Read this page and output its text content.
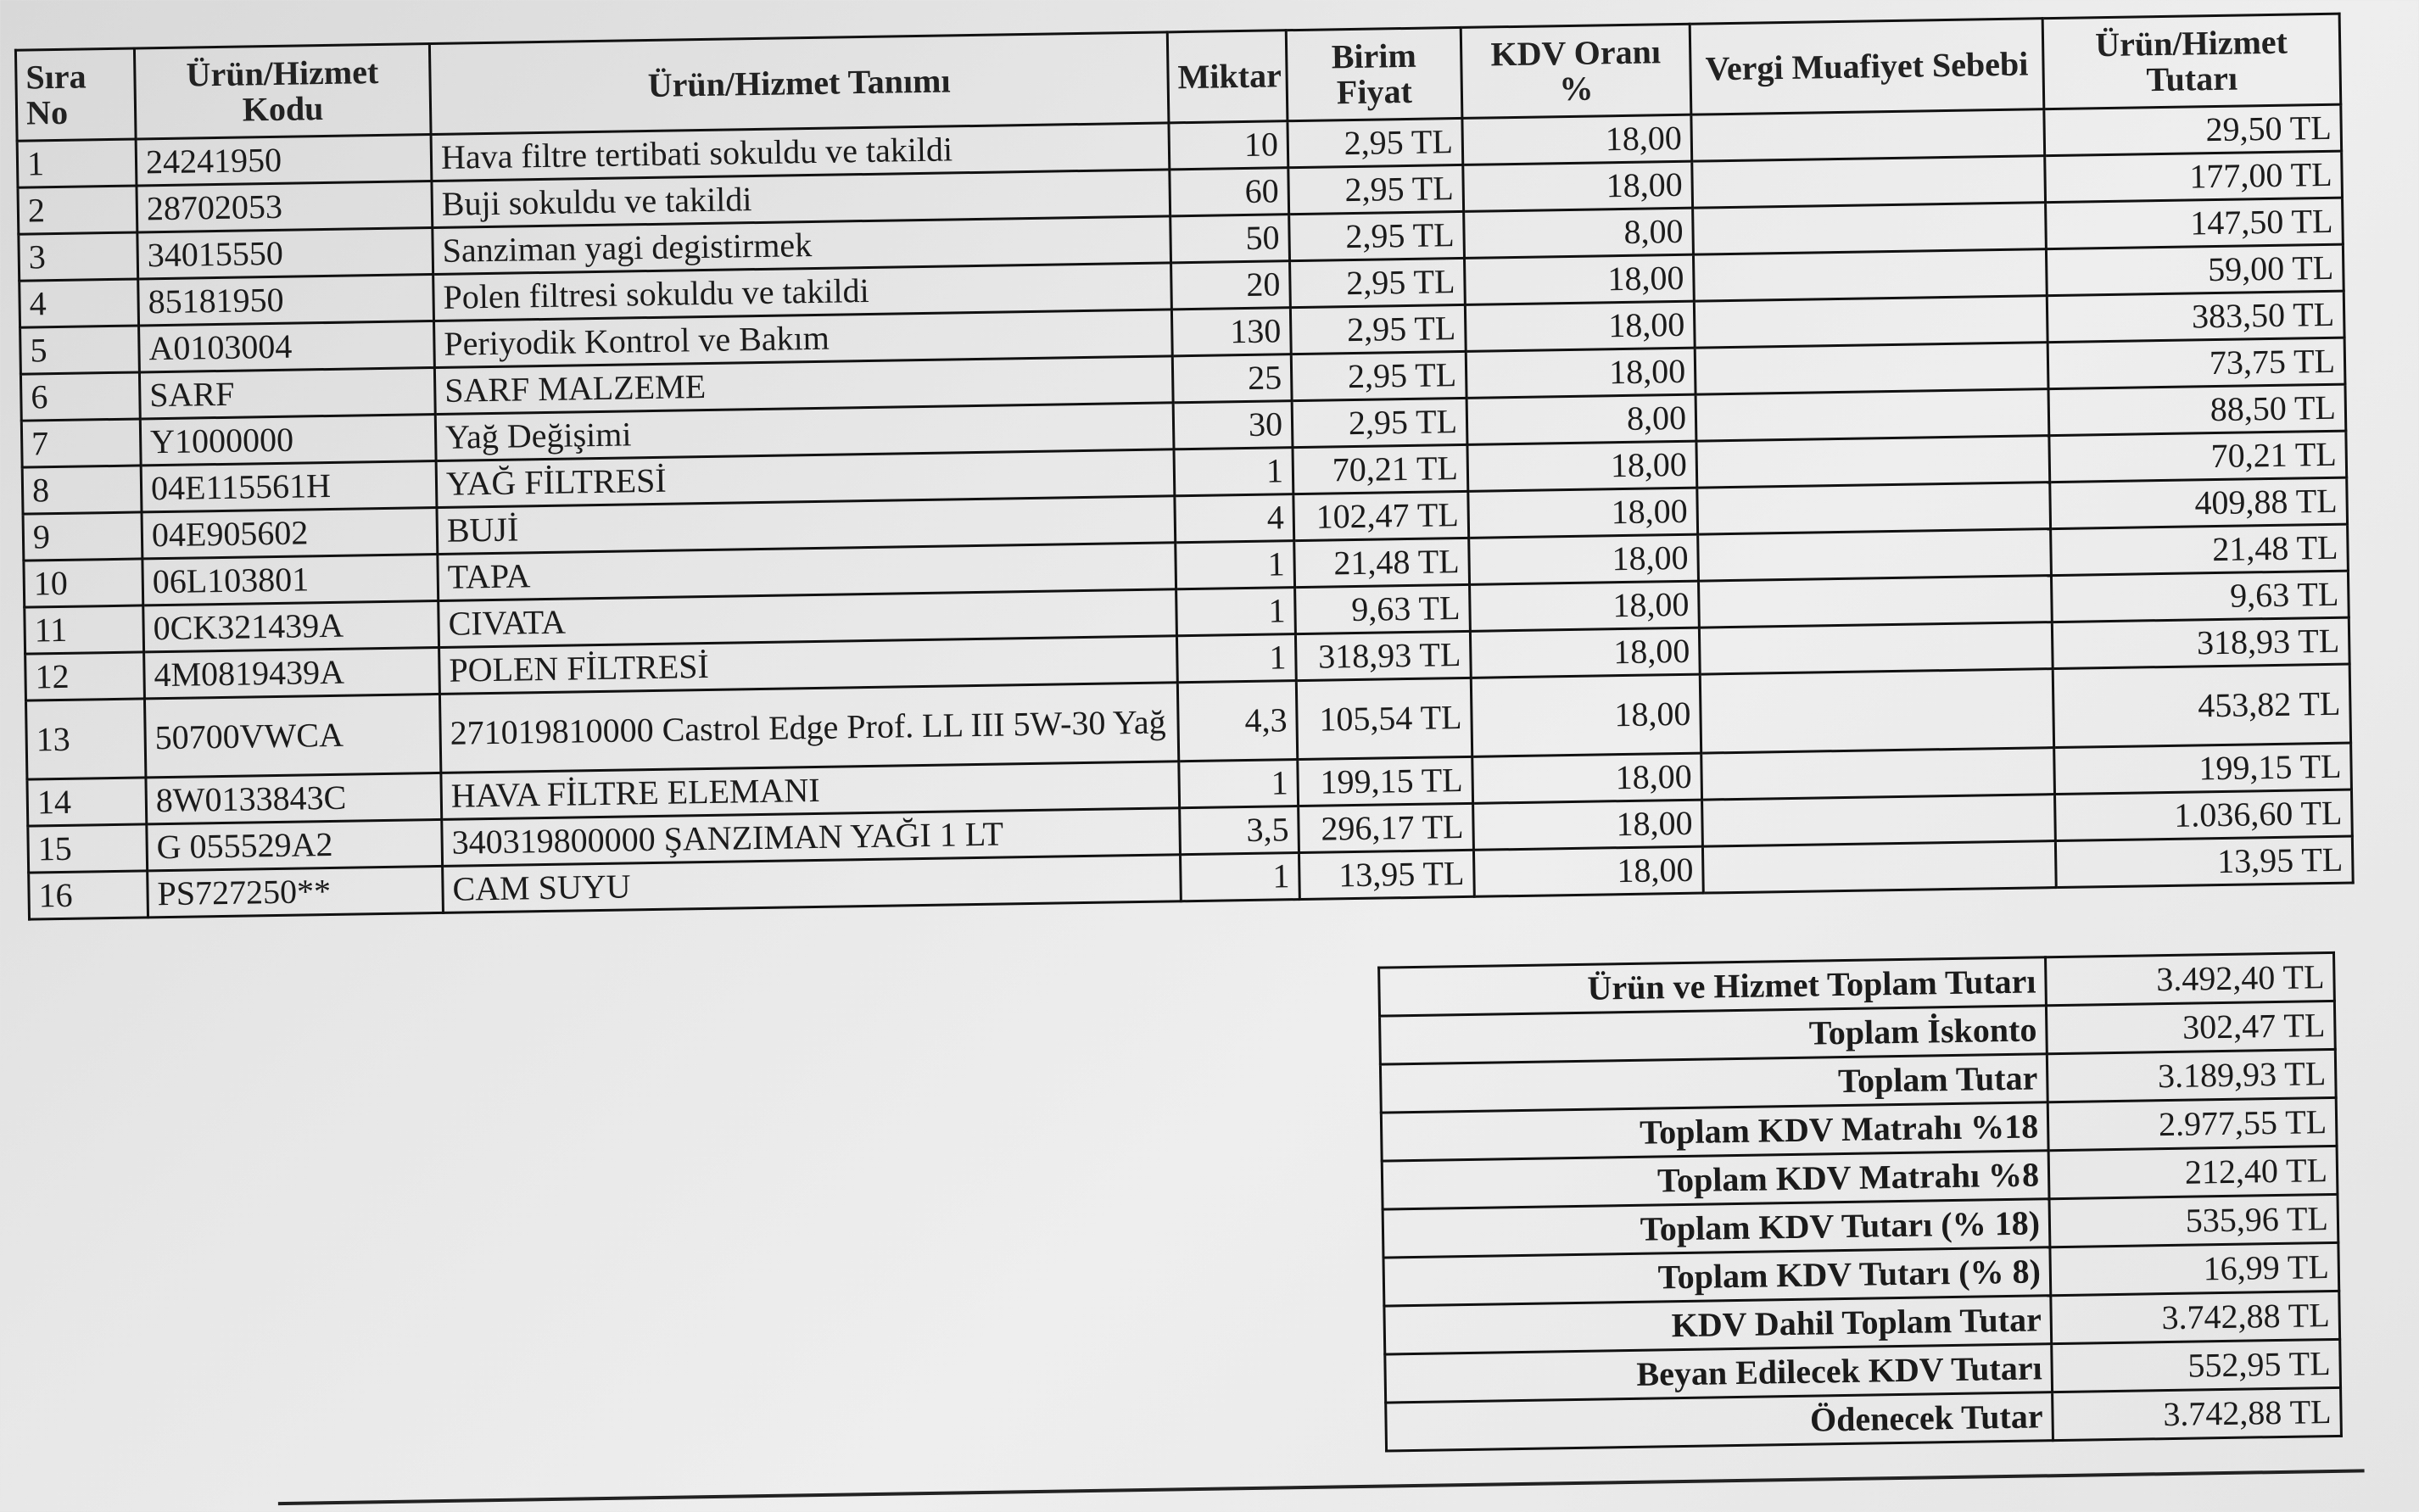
Sıra No	Ürün/Hizmet Kodu	Ürün/Hizmet Tanımı	Miktar	Birim Fiyat	KDV Oranı %	Vergi Muafiyet Sebebi	Ürün/Hizmet Tutarı
1	24241950	Hava filtre tertibati sokuldu ve takildi	10	2,95 TL	18,00		29,50 TL
2	28702053	Buji sokuldu ve takildi	60	2,95 TL	18,00		177,00 TL
3	34015550	Sanziman yagi degistirmek	50	2,95 TL	8,00		147,50 TL
4	85181950	Polen filtresi sokuldu ve takildi	20	2,95 TL	18,00		59,00 TL
5	A0103004	Periyodik Kontrol ve Bakım	130	2,95 TL	18,00		383,50 TL
6	SARF	SARF MALZEME	25	2,95 TL	18,00		73,75 TL
7	Y1000000	Yağ Değişimi	30	2,95 TL	8,00		88,50 TL
8	04E115561H	YAĞ FİLTRESİ	1	70,21 TL	18,00		70,21 TL
9	04E905602	BUJİ	4	102,47 TL	18,00		409,88 TL
10	06L103801	TAPA	1	21,48 TL	18,00		21,48 TL
11	0CK321439A	CIVATA	1	9,63 TL	18,00		9,63 TL
12	4M0819439A	POLEN FİLTRESİ	1	318,93 TL	18,00		318,93 TL
13	50700VWCA	271019810000 Castrol Edge Prof. LL III 5W-30 Yağ	4,3	105,54 TL	18,00		453,82 TL
14	8W0133843C	HAVA FİLTRE ELEMANI	1	199,15 TL	18,00		199,15 TL
15	G 055529A2	340319800000 ŞANZIMAN YAĞI 1 LT	3,5	296,17 TL	18,00		1.036,60 TL
16	PS727250**	CAM SUYU	1	13,95 TL	18,00		13,95 TL
Ürün ve Hizmet Toplam Tutarı	3.492,40 TL
Toplam İskonto	302,47 TL
Toplam Tutar	3.189,93 TL
Toplam KDV Matrahı %18	2.977,55 TL
Toplam KDV Matrahı %8	212,40 TL
Toplam KDV Tutarı (% 18)	535,96 TL
Toplam KDV Tutarı (% 8)	16,99 TL
KDV Dahil Toplam Tutar	3.742,88 TL
Beyan Edilecek KDV Tutarı	552,95 TL
Ödenecek Tutar	3.742,88 TL
